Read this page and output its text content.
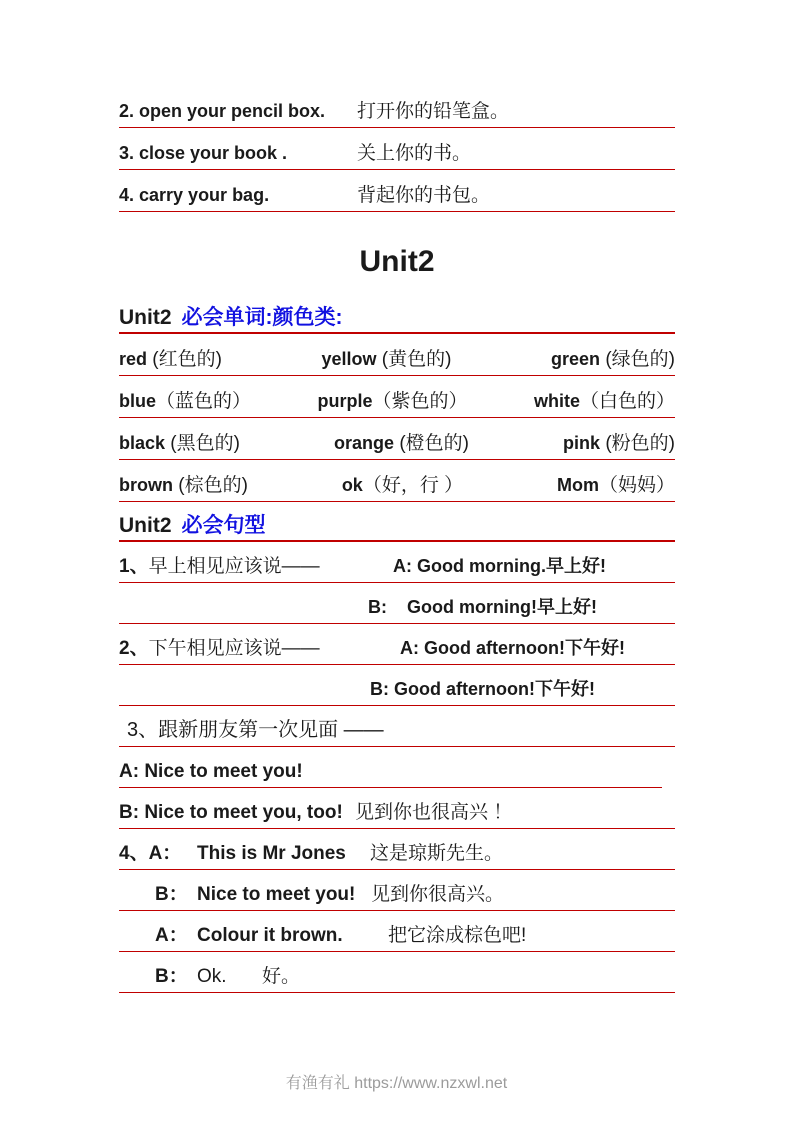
2. open your pencil box. 打开你的铅笔盒。
3. close your book .	关上你的书。
4. carry your bag.	背起你的书包。
Unit2
Unit2 必会单词:颜色类:
red (红色的)	yellow (黄色的)	green (绿色的)
blue（蓝色的）	purple（紫色的）	white（白色的）
black (黑色的)	orange (橙色的)	pink (粉色的)
brown (棕色的)	ok（好，行 ）	Mom（妈妈）
Unit2 必会句型
1、早上相见应该说——	A: Good morning.早上好!
B:    Good morning!早上好!
2、下午相见应该说——	A: Good afternoon!下午好!
B: Good afternoon!下午好!
3、跟新朋友第一次见面 ——
A: Nice to meet you!
B: Nice to meet you, too! 见到你也很高兴 ！
4、A： This is Mr Jones 这是琼斯先生。
B： Nice to meet you! 见到你很高兴。
A： Colour it brown. 把它涂成棕色吧!
B： Ok. 好。
有渔有礼 https://www.nzxwl.net
